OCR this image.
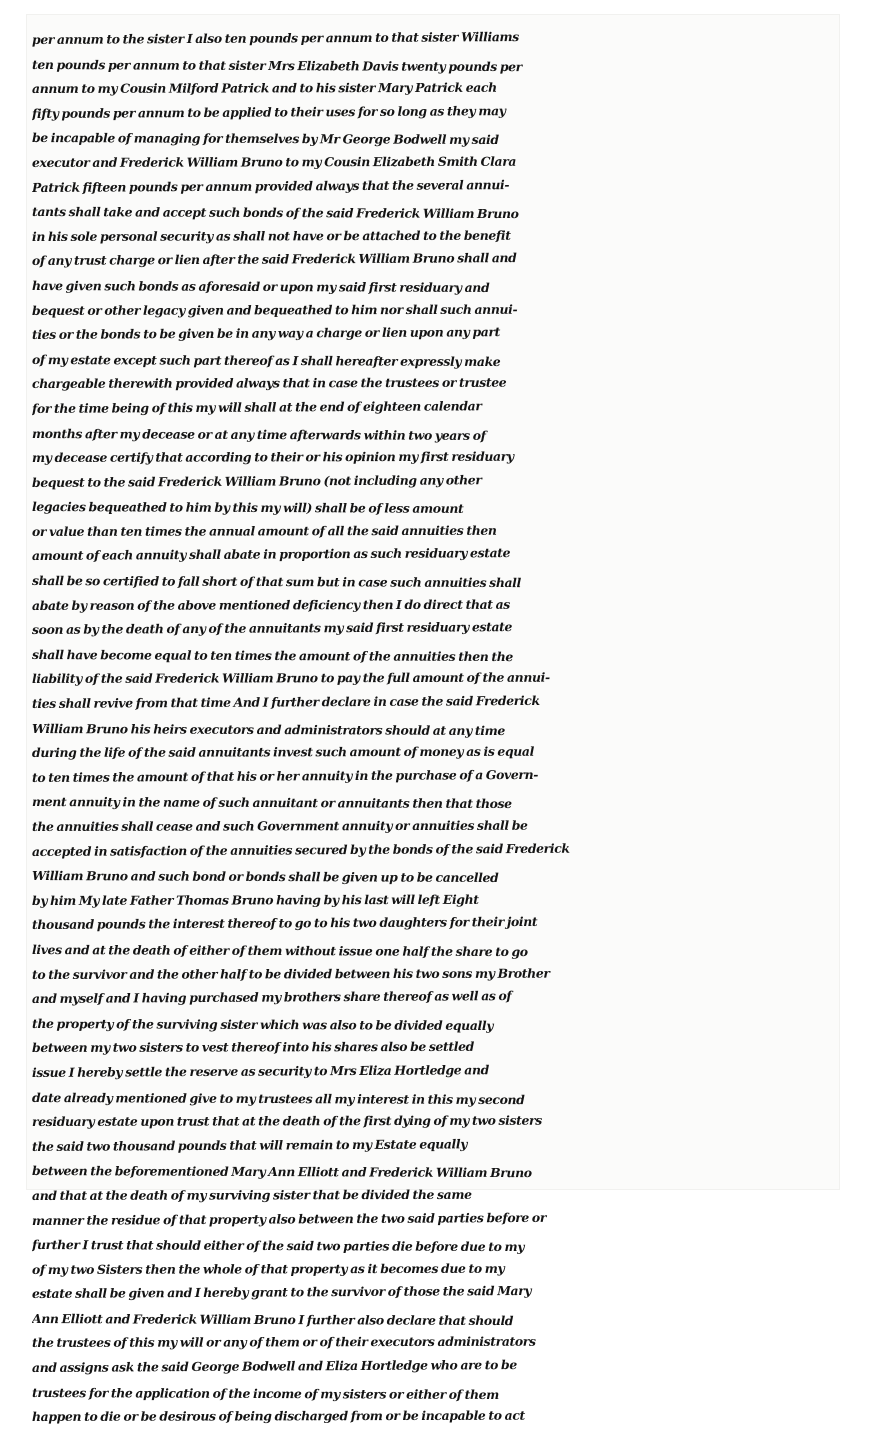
per annum to the sister I also ten pounds per annum to that sister Williams
ten pounds per annum to that sister Mrs Elizabeth Davis twenty pounds per
annum to my Cousin Milford Patrick and to his sister Mary Patrick each
fifty pounds per annum to be applied to their uses for so long as they may
be incapable of managing for themselves by Mr George Bodwell my said
executor and Frederick William Bruno to my Cousin Elizabeth Smith Clara
Patrick fifteen pounds per annum provided always that the several annui-
tants shall take and accept such bonds of the said Frederick William Bruno
in his sole personal security as shall not have or be attached to the benefit
of any trust charge or lien after the said Frederick William Bruno shall and
have given such bonds as aforesaid or upon my said first residuary and
bequest or other legacy given and bequeathed to him nor shall such annui-
ties or the bonds to be given be in any way a charge or lien upon any part
of my estate except such part thereof as I shall hereafter expressly make
chargeable therewith provided always that in case the trustees or trustee
for the time being of this my will shall at the end of eighteen calendar
months after my decease or at any time afterwards within two years of
my decease certify that according to their or his opinion my first residuary
bequest to the said Frederick William Bruno (not including any other
legacies bequeathed to him by this my will) shall be of less amount
or value than ten times the annual amount of all the said annuities then
amount of each annuity shall abate in proportion as such residuary estate
shall be so certified to fall short of that sum but in case such annuities shall
abate by reason of the above mentioned deficiency then I do direct that as
soon as by the death of any of the annuitants my said first residuary estate
shall have become equal to ten times the amount of the annuities then the
liability of the said Frederick William Bruno to pay the full amount of the annui-
ties shall revive from that time And I further declare in case the said Frederick
William Bruno his heirs executors and administrators should at any time
during the life of the said annuitants invest such amount of money as is equal
to ten times the amount of that his or her annuity in the purchase of a Govern-
ment annuity in the name of such annuitant or annuitants then that those
the annuities shall cease and such Government annuity or annuities shall be
accepted in satisfaction of the annuities secured by the bonds of the said Frederick
William Bruno and such bond or bonds shall be given up to be cancelled
by him My late Father Thomas Bruno having by his last will left Eight
thousand pounds the interest thereof to go to his two daughters for their joint
lives and at the death of either of them without issue one half the share to go
to the survivor and the other half to be divided between his two sons my Brother
and myself and I having purchased my brothers share thereof as well as of
the property of the surviving sister which was also to be divided equally
between my two sisters to vest thereof into his shares also be settled
issue I hereby settle the reserve as security to Mrs Eliza Hortledge and
date already mentioned give to my trustees all my interest in this my second
residuary estate upon trust that at the death of the first dying of my two sisters
the said two thousand pounds that will remain to my Estate equally
between the beforementioned Mary Ann Elliott and Frederick William Bruno
and that at the death of my surviving sister that be divided the same
manner the residue of that property also between the two said parties before or
further I trust that should either of the said two parties die before due to my
of my two Sisters then the whole of that property as it becomes due to my
estate shall be given and I hereby grant to the survivor of those the said Mary
Ann Elliott and Frederick William Bruno I further also declare that should
the trustees of this my will or any of them or of their executors administrators
and assigns ask the said George Bodwell and Eliza Hortledge who are to be
trustees for the application of the income of my sisters or either of them
happen to die or be desirous of being discharged from or be incapable to act
